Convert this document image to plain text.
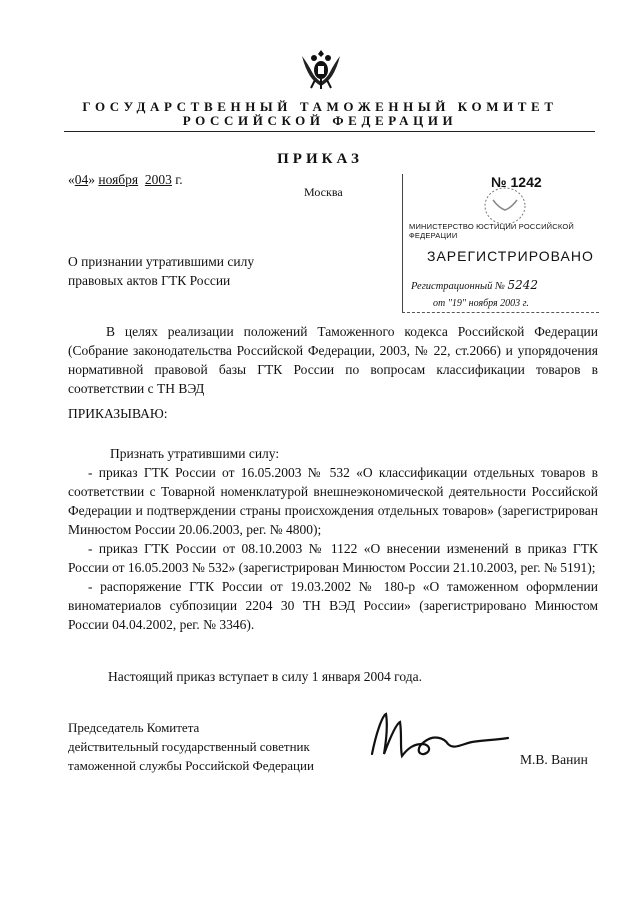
ГОСУДАРСТВЕННЫЙ ТАМОЖЕННЫЙ КОМИТЕТ
РОССИЙСКОЙ ФЕДЕРАЦИИ
ПРИКАЗ
«04» ноября 2003 г.
Москва
№ 1242
МИНИСТЕРСТВО ЮСТИЦИИ РОССИЙСКОЙ ФЕДЕРАЦИИ
ЗАРЕГИСТРИРОВАНО
Регистрационный № 5242
от "19" ноября 2003 г.
О признании утратившими силу
правовых актов ГТК России
В целях реализации положений Таможенного кодекса Российской Федерации (Собрание законодательства Российской Федерации, 2003, № 22, ст.2066) и упорядочения нормативной правовой базы ГТК России по вопросам классификации товаров в соответствии с ТН ВЭД
ПРИКАЗЫВАЮ:

Признать утратившими силу:

- приказ ГТК России от 16.05.2003 № 532 «О классификации отдельных товаров в соответствии с Товарной номенклатурой внешнеэкономической деятельности Российской Федерации и подтверждении страны происхождения отдельных товаров» (зарегистрирован Минюстом России 20.06.2003, рег. № 4800);

- приказ ГТК России от 08.10.2003 № 1122 «О внесении изменений в приказ ГТК России от 16.05.2003 № 532» (зарегистрирован Минюстом России 21.10.2003, рег. № 5191);

- распоряжение ГТК России от 19.03.2002 № 180-р «О таможенном оформлении виноматериалов субпозиции 2204 30 ТН ВЭД России» (зарегистрировано Минюстом России 04.04.2002, рег. № 3346).

Настоящий приказ вступает в силу 1 января 2004 года.
Председатель Комитета
действительный государственный советник
таможенной службы Российской Федерации	М.В. Ванин
